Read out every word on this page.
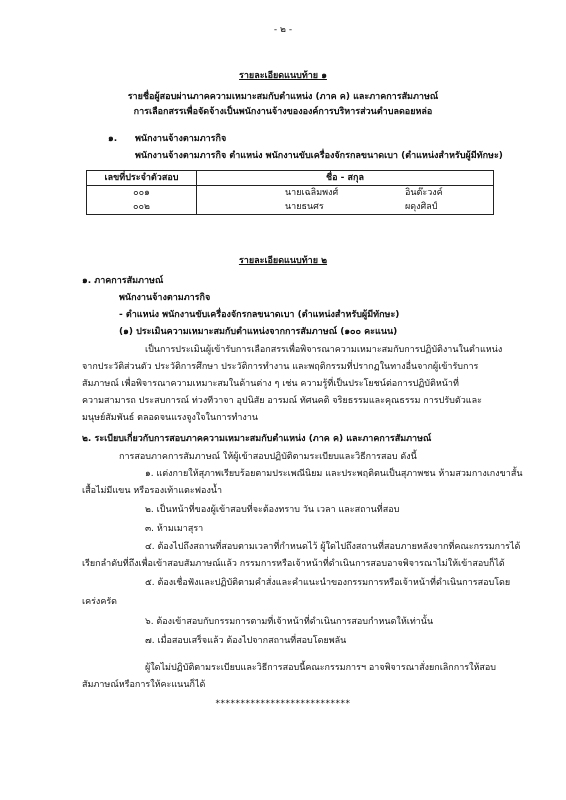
- ๒ -
รายละเอียดแนบท้าย ๑
รายชื่อผู้สอบผ่านภาคความเหมาะสมกับตำแหน่ง (ภาค ค) และภาคการสัมภาษณ์
การเลือกสรรเพื่อจัดจ้างเป็นพนักงานจ้างขององค์การบริหารส่วนตำบลดอยหล่อ
๑. พนักงานจ้างตามภารกิจ
พนักงานจ้างตามภารกิจ ตำแหน่ง พนักงานขับเครื่องจักรกลขนาดเบา (ตำแหน่งสำหรับผู้มีทักษะ)
เลขที่ประจำตัวสอบ	ชื่อ - สกุล
๐๐๑	นายเฉลิมพงศ์ อินต๊ะวงค์
๐๐๒	นายธนศร ผดุงศิลป์
รายละเอียดแนบท้าย ๒
๑. ภาคการสัมภาษณ์
พนักงานจ้างตามภารกิจ
- ตำแหน่ง พนักงานขับเครื่องจักรกลขนาดเบา (ตำแหน่งสำหรับผู้มีทักษะ)
(๑) ประเมินความเหมาะสมกับตำแหน่งจากการสัมภาษณ์ (๑๐๐ คะแนน)
เป็นการประเมินผู้เข้ารับการเลือกสรรเพื่อพิจารณาความเหมาะสมกับการปฏิบัติงานในตำแหน่ง
จากประวัติส่วนตัว ประวัติการศึกษา ประวัติการทำงาน และพฤติกรรมที่ปรากฏในทางอื่นจากผู้เข้ารับการ
สัมภาษณ์ เพื่อพิจารณาความเหมาะสมในด้านต่าง ๆ เช่น ความรู้ที่เป็นประโยชน์ต่อการปฏิบัติหน้าที่
ความสามารถ ประสบการณ์ ท่วงทีวาจา อุปนิสัย อารมณ์ ทัศนคติ จริยธรรมและคุณธรรม การปรับตัวและ
มนุษย์สัมพันธ์ ตลอดจนแรงจูงใจในการทำงาน
๒. ระเบียบเกี่ยวกับการสอบภาคความเหมาะสมกับตำแหน่ง (ภาค ค) และภาคการสัมภาษณ์
การสอบภาคการสัมภาษณ์ ให้ผู้เข้าสอบปฏิบัติตามระเบียบและวิธีการสอบ ดังนี้
๑. แต่งกายให้สุภาพเรียบร้อยตามประเพณีนิยม และประพฤติตนเป็นสุภาพชน ห้ามสวมกางเกงขาสั้น
เสื้อไม่มีแขน หรือรองเท้าแตะฟองน้ำ
๒. เป็นหน้าที่ของผู้เข้าสอบที่จะต้องทราบ วัน เวลา และสถานที่สอบ
๓. ห้ามเมาสุรา
๔. ต้องไปถึงสถานที่สอบตามเวลาที่กำหนดไว้ ผู้ใดไปถึงสถานที่สอบภายหลังจากที่คณะกรรมการได้
เรียกลำดับที่ถึงเพื่อเข้าสอบสัมภาษณ์แล้ว กรรมการหรือเจ้าหน้าที่ดำเนินการสอบอาจพิจารณาไม่ให้เข้าสอบก็ได้
๕. ต้องเชื่อฟังและปฏิบัติตามคำสั่งและคำแนะนำของกรรมการหรือเจ้าหน้าที่ดำเนินการสอบโดย
เคร่งครัด
๖. ต้องเข้าสอบกับกรรมการตามที่เจ้าหน้าที่ดำเนินการสอบกำหนดให้เท่านั้น
๗. เมื่อสอบเสร็จแล้ว ต้องไปจากสถานที่สอบโดยพลัน
ผู้ใดไม่ปฏิบัติตามระเบียบและวิธีการสอบนี้คณะกรรมการฯ อาจพิจารณาสั่งยกเลิกการให้สอบ
สัมภาษณ์หรือการให้คะแนนก็ได้
***************************
